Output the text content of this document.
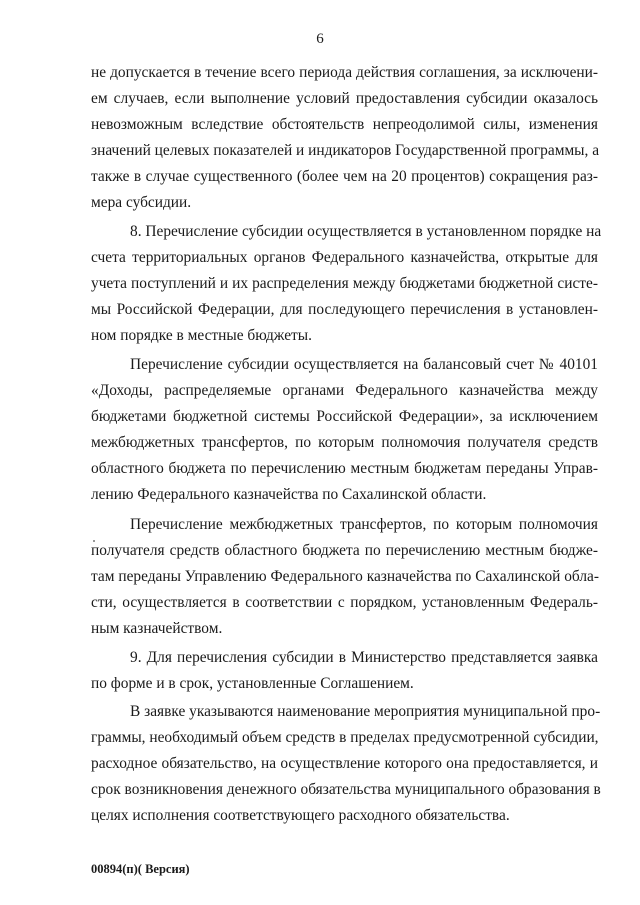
6
не допускается в течение всего периода действия соглашения, за исключени-
ем случаев, если выполнение условий предоставления субсидии оказалось
невозможным вследствие обстоятельств непреодолимой силы, изменения
значений целевых показателей и индикаторов Государственной программы, а
также в случае существенного (более чем на 20 процентов) сокращения раз-
мера субсидии.
8. Перечисление субсидии осуществляется в установленном порядке на
счета территориальных органов Федерального казначейства, открытые для
учета поступлений и их распределения между бюджетами бюджетной систе-
мы Российской Федерации, для последующего перечисления в установлен-
ном порядке в местные бюджеты.
Перечисление субсидии осуществляется на балансовый счет № 40101
«Доходы, распределяемые органами Федерального казначейства между
бюджетами бюджетной системы Российской Федерации», за исключением
межбюджетных трансфертов, по которым полномочия получателя средств
областного бюджета по перечислению местным бюджетам переданы Управ-
лению Федерального казначейства по Сахалинской области.
Перечисление межбюджетных трансфертов, по которым полномочия
получателя средств областного бюджета по перечислению местным бюдже-
там переданы Управлению Федерального казначейства по Сахалинской обла-
сти, осуществляется в соответствии с порядком, установленным Федераль-
ным казначейством.
9. Для перечисления субсидии в Министерство представляется заявка
по форме и в срок, установленные Соглашением.
В заявке указываются наименование мероприятия муниципальной про-
граммы, необходимый объем средств в пределах предусмотренной субсидии,
расходное обязательство, на осуществление которого она предоставляется, и
срок возникновения денежного обязательства муниципального образования в
целях исполнения соответствующего расходного обязательства.
00894(п)( Версия)
